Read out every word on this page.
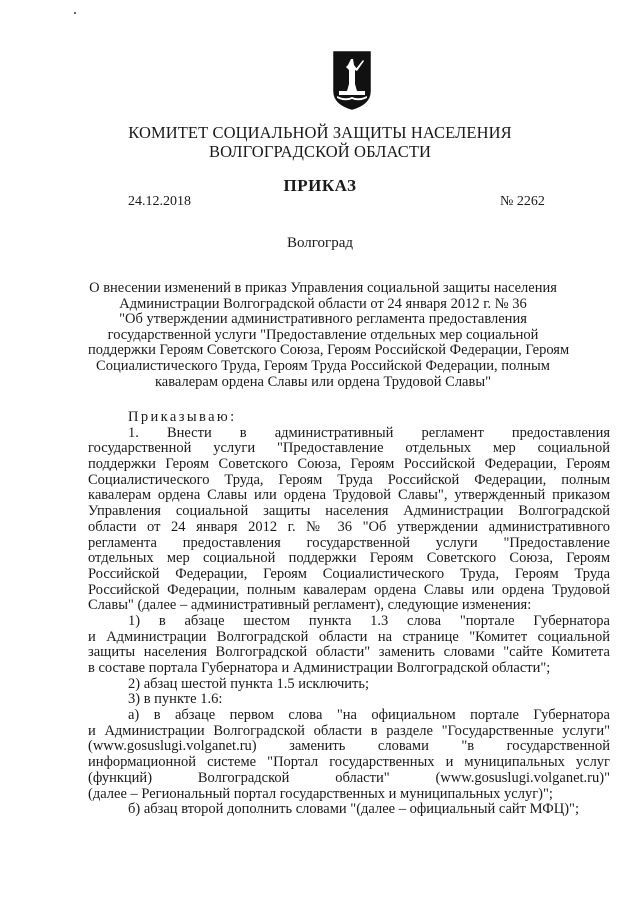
КОМИТЕТ СОЦИАЛЬНОЙ ЗАЩИТЫ НАСЕЛЕНИЯ
ВОЛГОГРАДСКОЙ ОБЛАСТИ
ПРИКАЗ
24.12.2018	№ 2262
Волгоград
О внесении изменений в приказ Управления социальной защиты населения
Администрации Волгоградской области от 24 января 2012 г. № 36
"Об утверждении административного регламента предоставления
государственной услуги "Предоставление отдельных мер социальной
поддержки Героям Советского Союза, Героям Российской Федерации, Героям
Социалистического Труда, Героям Труда Российской Федерации, полным
кавалерам ордена Славы или ордена Трудовой Славы"
Приказываю:
1. Внести в административный регламент предоставления
государственной услуги "Предоставление отдельных мер социальной
поддержки Героям Советского Союза, Героям Российской Федерации, Героям
Социалистического Труда, Героям Труда Российской Федерации, полным
кавалерам ордена Славы или ордена Трудовой Славы", утвержденный приказом
Управления социальной защиты населения Администрации Волгоградской
области от 24 января 2012 г. № 36 "Об утверждении административного
регламента предоставления государственной услуги "Предоставление
отдельных мер социальной поддержки Героям Советского Союза, Героям
Российской Федерации, Героям Социалистического Труда, Героям Труда
Российской Федерации, полным кавалерам ордена Славы или ордена Трудовой
Славы" (далее – административный регламент), следующие изменения:
1) в абзаце шестом пункта 1.3 слова "портале Губернатора
и Администрации Волгоградской области на странице "Комитет социальной
защиты населения Волгоградской области" заменить словами "сайте Комитета
в составе портала Губернатора и Администрации Волгоградской области";
2) абзац шестой пункта 1.5 исключить;
3) в пункте 1.6:
а) в абзаце первом слова "на официальном портале Губернатора
и Администрации Волгоградской области в разделе "Государственные услуги"
(www.gosuslugi.volganet.ru) заменить словами "в государственной
информационной системе "Портал государственных и муниципальных услуг
(функций) Волгоградской области" (www.gosuslugi.volganet.ru)"
(далее – Региональный портал государственных и муниципальных услуг)";
б) абзац второй дополнить словами "(далее – официальный сайт МФЦ)";
